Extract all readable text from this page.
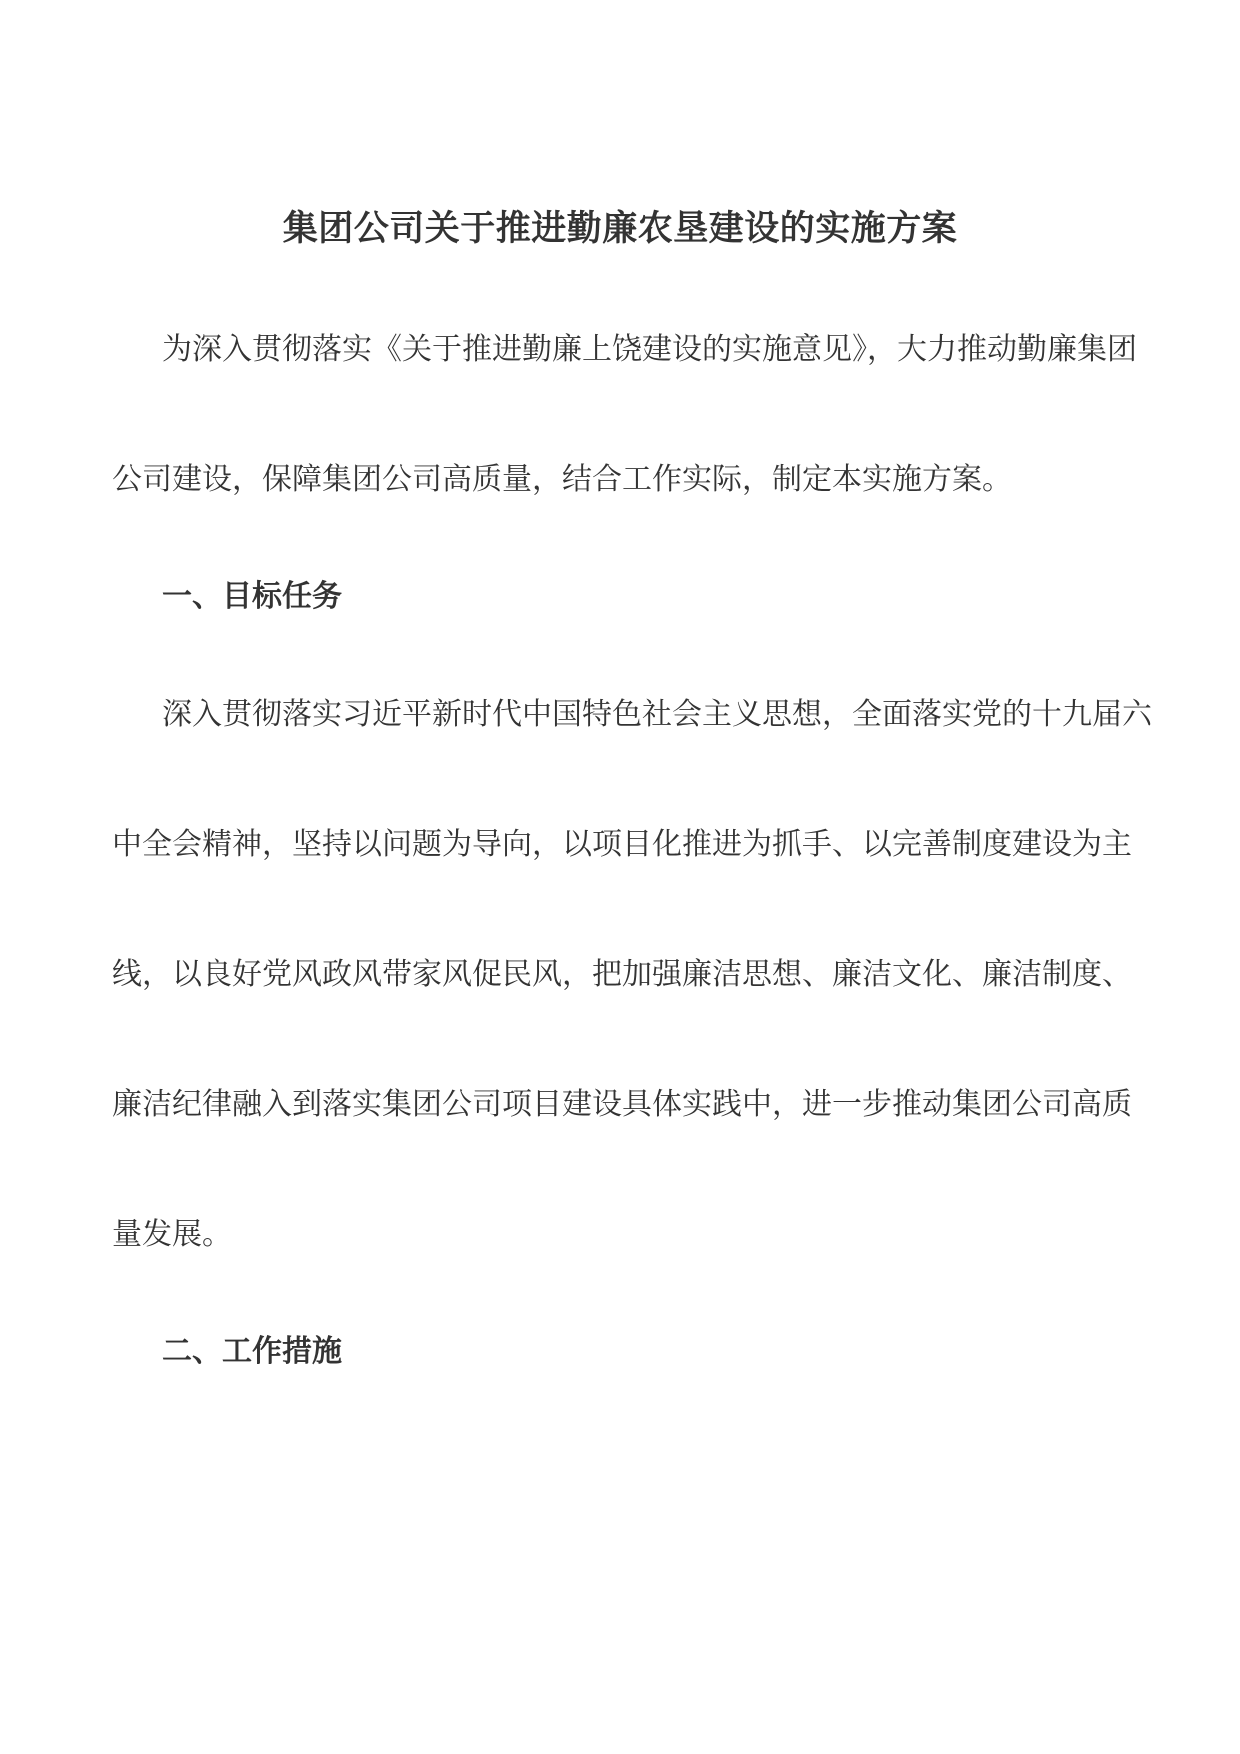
集团公司关于推进勤廉农垦建设的实施方案
为深入贯彻落实《关于推进勤廉上饶建设的实施意见》，大力推动勤廉集团
公司建设，保障集团公司高质量，结合工作实际，制定本实施方案。
一、目标任务
深入贯彻落实习近平新时代中国特色社会主义思想，全面落实党的十九届六
中全会精神，坚持以问题为导向，以项目化推进为抓手、以完善制度建设为主
线，以良好党风政风带家风促民风，把加强廉洁思想、廉洁文化、廉洁制度、
廉洁纪律融入到落实集团公司项目建设具体实践中，进一步推动集团公司高质
量发展。
二、工作措施
